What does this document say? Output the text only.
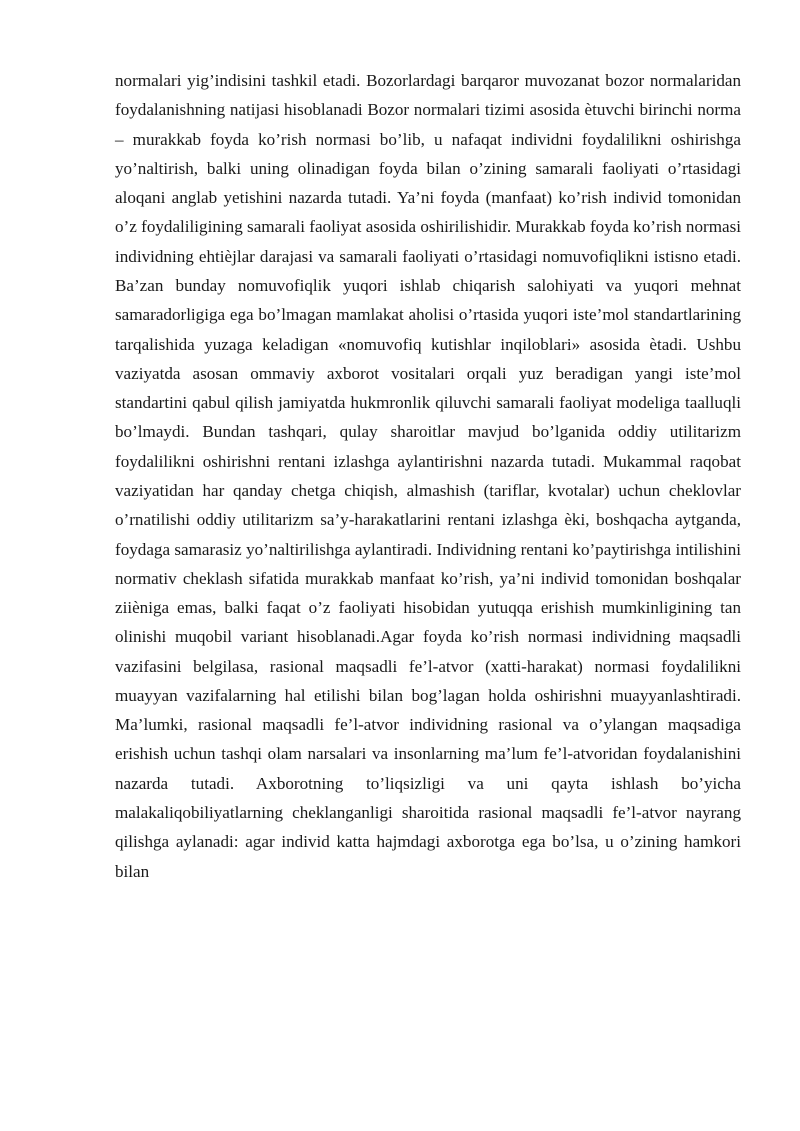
normalari yig’indisini tashkil etadi. Bozorlardagi barqaror muvozanat bozor normalaridan foydalanishning natijasi hisoblanadi Bozor normalari tizimi asosida ètuvchi birinchi norma – murakkab foyda ko’rish normasi bo’lib, u nafaqat individni foydalilikni oshirishga yo’naltirish, balki uning olinadigan foyda bilan o’zining samarali faoliyati o’rtasidagi aloqani anglab yetishini nazarda tutadi. Ya’ni foyda (manfaat) ko’rish individ tomonidan o’z foydaliligining samarali faoliyat asosida oshirilishidir. Murakkab foyda ko’rish normasi individning ehtièjlar darajasi va samarali faoliyati o’rtasidagi nomuvofiqlikni istisno etadi. Ba’zan bunday nomuvofiqlik yuqori ishlab chiqarish salohiyati va yuqori mehnat samaradorligiga ega bo’lmagan mamlakat aholisi o’rtasida yuqori iste’mol standartlarining tarqalishida yuzaga keladigan «nomuvofiq kutishlar inqiloblari» asosida ètadi. Ushbu vaziyatda asosan ommaviy axborot vositalari orqali yuz beradigan yangi iste’mol standartini qabul qilish jamiyatda hukmronlik qiluvchi samarali faoliyat modeliga taalluqli bo’lmaydi. Bundan tashqari, qulay sharoitlar mavjud bo’lganida oddiy utilitarizm foydalilikni oshirishni rentani izlashga aylantirishni nazarda tutadi. Mukammal raqobat vaziyatidan har qanday chetga chiqish, almashish (tariflar, kvotalar) uchun cheklovlar o’rnatilishi oddiy utilitarizm sa’y-harakatlarini rentani izlashga èki, boshqacha aytganda, foydaga samarasiz yo’naltirilishga aylantiradi. Individning rentani ko’paytirishga intilishini normativ cheklash sifatida murakkab manfaat ko’rish, ya’ni individ tomonidan boshqalar ziièniga emas, balki faqat o’z faoliyati hisobidan yutuqqa erishish mumkinligining tan olinishi muqobil variant hisoblanadi.Agar foyda ko’rish normasi individning maqsadli vazifasini belgilasa, rasional maqsadli fe’l-atvor (xatti-harakat) normasi foydalilikni muayyan vazifalarning hal etilishi bilan bog’lagan holda oshirishni muayyanlashtiradi. Ma’lumki, rasional maqsadli fe’l-atvor individning rasional va o’ylangan maqsadiga erishish uchun tashqi olam narsalari va insonlarning ma’lum fe’l-atvoridan foydalanishini nazarda tutadi. Axborotning to’liqsizligi va uni qayta ishlash bo’yicha malakaliqobiliyatlarning cheklanganligi sharoitida rasional maqsadli fe’l-atvor nayrang qilishga aylanadi: agar individ katta hajmdagi axborotga ega bo’lsa, u o’zining hamkori bilan
